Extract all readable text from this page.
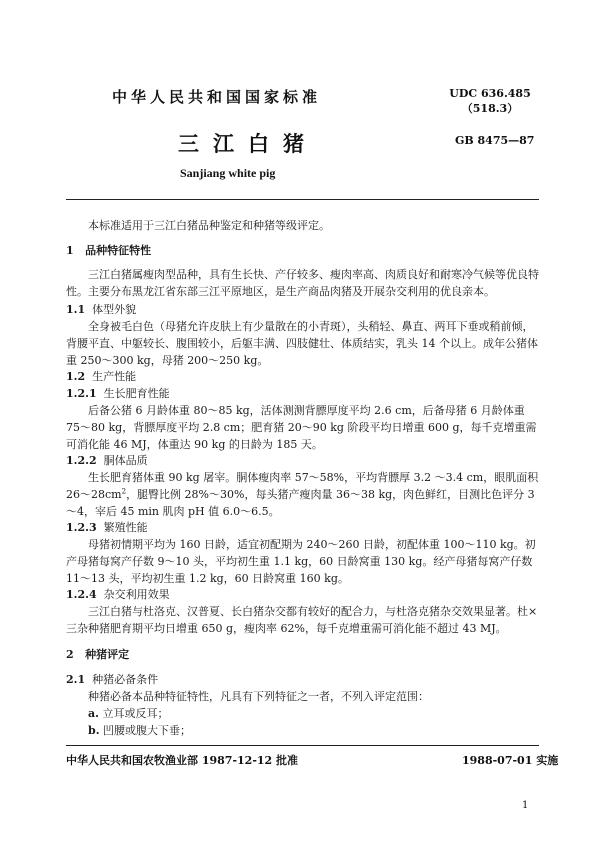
中华人民共和国国家标准	UDC 636.485
（518.3）
三江白猪	GB 8475—87
Sanjiang white pig
本标准适用于三江白猪品种鉴定和种猪等级评定。
1 品种特征特性
三江白猪属瘦肉型品种，具有生长快、产仔较多、瘦肉率高、肉质良好和耐寒冷气候等优良特性。主要分布黑龙江省东部三江平原地区，是生产商品肉猪及开展杂交利用的优良亲本。
1.1 体型外貌
全身被毛白色（母猪允许皮肤上有少量散在的小青斑），头稍轻、鼻直、两耳下垂或稍前倾，背腰平直、中躯较长、腹围较小，后躯丰满、四肢健壮、体质结实，乳头 14 个以上。成年公猪体重 250～300 kg，母猪 200～250 kg。
1.2 生产性能
1.2.1 生长肥育性能
后备公猪 6 月龄体重 80～85 kg，活体测测背膘厚度平均 2.6 cm，后备母猪 6 月龄体重 75～80 kg，背膘厚度平均 2.8 cm；肥育猪 20～90 kg 阶段平均日增重 600 g，每千克增重需可消化能 46 MJ，体重达 90 kg 的日龄为 185 天。
1.2.2 胴体品质
生长肥育猪体重 90 kg 屠宰。胴体瘦肉率 57～58%，平均背膘厚 3.2 ～3.4 cm，眼肌面积 $26\sim 28cm^2$，腿臀比例 28%～30%，每头猪产瘦肉量 36～38 kg，肉色鲜红，目测比色评分 3～4，宰后 45 min 肌肉 pH 值 6.0～6.5。
1.2.3 繁殖性能
母猪初情期平均为 160 日龄，适宜初配期为 240～260 日龄，初配体重 100～110 kg。初产母猪每窝产仔数 9～10 头，平均初生重 1.1 kg，60 日龄窝重 130 kg。经产母猪每窝产仔数 11～13 头，平均初生重 1.2 kg，60 日龄窝重 160 kg。
1.2.4 杂交利用效果
三江白猪与杜洛克、汉普夏、长白猪杂交都有较好的配合力，与杜洛克猪杂交效果显著。杜×三杂种猪肥育期平均日增重 650 g，瘦肉率 62%，每千克增重需可消化能不超过 43 MJ。
2 种猪评定
2.1 种猪必备条件
种猪必备本品种特征特性，凡具有下列特征之一者，不列入评定范围：
a. 立耳或反耳；
b. 凹腰或腹大下垂；
中华人民共和国农牧渔业部 1987-12-12 批准	1988-07-01 实施
1
